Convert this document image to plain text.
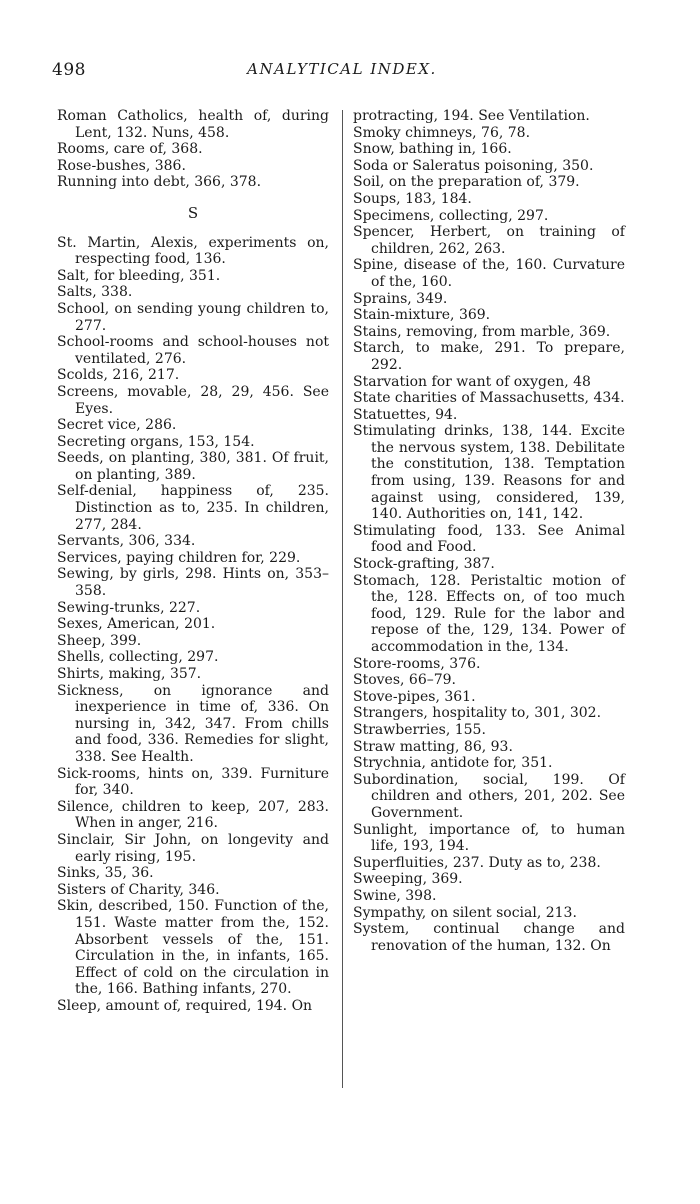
498	ANALYTICAL INDEX.

Roman Catholics, health of, during Lent, 132. Nuns, 458.

Rooms, care of, 368.

Rose-bushes, 386.

Running into debt, 366, 378.

S

St. Martin, Alexis, experiments on, respecting food, 136.

Salt, for bleeding, 351.

Salts, 338.

School, on sending young children to, 277.

School-rooms and school-houses not ventilated, 276.

Scolds, 216, 217.

Screens, movable, 28, 29, 456. See Eyes.

Secret vice, 286.

Secreting organs, 153, 154.

Seeds, on planting, 380, 381. Of fruit, on planting, 389.

Self-denial, happiness of, 235. Distinction as to, 235. In children, 277, 284.

Servants, 306, 334.

Services, paying children for, 229.

Sewing, by girls, 298. Hints on, 353–358.

Sewing-trunks, 227.

Sexes, American, 201.

Sheep, 399.

Shells, collecting, 297.

Shirts, making, 357.

Sickness, on ignorance and inexperience in time of, 336. On nursing in, 342, 347. From chills and food, 336. Remedies for slight, 338. See Health.

Sick-rooms, hints on, 339. Furniture for, 340.

Silence, children to keep, 207, 283. When in anger, 216.

Sinclair, Sir John, on longevity and early rising, 195.

Sinks, 35, 36.

Sisters of Charity, 346.

Skin, described, 150. Function of the, 151. Waste matter from the, 152. Absorbent vessels of the, 151. Circulation in the, in infants, 165. Effect of cold on the circulation in the, 166. Bathing infants, 270.

Sleep, amount of, required, 194. On

protracting, 194. See Ventilation.

Smoky chimneys, 76, 78.

Snow, bathing in, 166.

Soda or Saleratus poisoning, 350.

Soil, on the preparation of, 379.

Soups, 183, 184.

Specimens, collecting, 297.

Spencer, Herbert, on training of children, 262, 263.

Spine, disease of the, 160. Curvature of the, 160.

Sprains, 349.

Stain-mixture, 369.

Stains, removing, from marble, 369.

Starch, to make, 291. To prepare, 292.

Starvation for want of oxygen, 48

State charities of Massachusetts, 434.

Statuettes, 94.

Stimulating drinks, 138, 144. Excite the nervous system, 138. Debilitate the constitution, 138. Temptation from using, 139. Reasons for and against using, considered, 139, 140. Authorities on, 141, 142.

Stimulating food, 133. See Animal food and Food.

Stock-grafting, 387.

Stomach, 128. Peristaltic motion of the, 128. Effects on, of too much food, 129. Rule for the labor and repose of the, 129, 134. Power of accommodation in the, 134.

Store-rooms, 376.

Stoves, 66–79.

Stove-pipes, 361.

Strangers, hospitality to, 301, 302.

Strawberries, 155.

Straw matting, 86, 93.

Strychnia, antidote for, 351.

Subordination, social, 199. Of children and others, 201, 202. See Government.

Sunlight, importance of, to human life, 193, 194.

Superfluities, 237. Duty as to, 238.

Sweeping, 369.

Swine, 398.

Sympathy, on silent social, 213.

System, continual change and renovation of the human, 132. On
